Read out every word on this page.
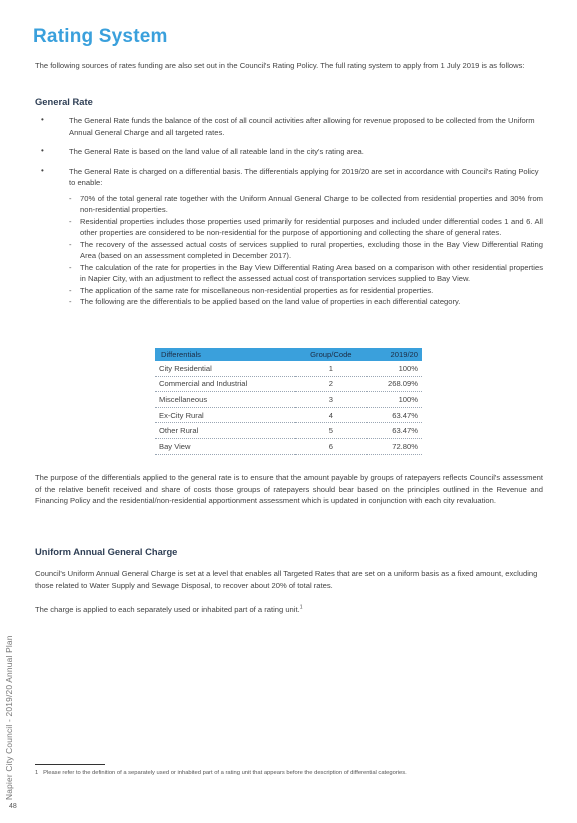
Rating System

The following sources of rates funding are also set out in the Council's Rating Policy. The full rating system to apply from 1 July 2019 is as follows:

General Rate

• The General Rate funds the balance of the cost of all council activities after allowing for revenue proposed to be collected from the Uniform Annual General Charge and all targeted rates.

• The General Rate is based on the land value of all rateable land in the city's rating area.

• The General Rate is charged on a differential basis. The differentials applying for 2019/20 are set in accordance with Council's Rating Policy to enable:

- 70% of the total general rate together with the Uniform Annual General Charge to be collected from residential properties and 30% from non-residential properties.

- Residential properties includes those properties used primarily for residential purposes and included under differential codes 1 and 6. All other properties are considered to be non-residential for the purpose of apportioning and collecting the share of general rates.

- The recovery of the assessed actual costs of services supplied to rural properties, excluding those in the Bay View Differential Rating Area (based on an assessment completed in December 2017).

- The calculation of the rate for properties in the Bay View Differential Rating Area based on a comparison with other residential properties in Napier City, with an adjustment to reflect the assessed actual cost of transportation services supplied to Bay View.

- The application of the same rate for miscellaneous non-residential properties as for residential properties.

- The following are the differentials to be applied based on the land value of properties in each differential category.

Differentials	Group/Code	2019/20
City Residential	1	100%
Commercial and Industrial	2	268.09%
Miscellaneous	3	100%
Ex-City Rural	4	63.47%
Other Rural	5	63.47%
Bay View	6	72.80%

The purpose of the differentials applied to the general rate is to ensure that the amount payable by groups of ratepayers reflects Council's assessment of the relative benefit received and share of costs those groups of ratepayers should bear based on the principles outlined in the Revenue and Financing Policy and the residential/non-residential apportionment assessment which is updated in conjunction with each city revaluation.

Uniform Annual General Charge

Council's Uniform Annual General Charge is set at a level that enables all Targeted Rates that are set on a uniform basis as a fixed amount, excluding those related to Water Supply and Sewage Disposal, to recover about 20% of total rates.

The charge is applied to each separately used or inhabited part of a rating unit.$^1$

1 Please refer to the definition of a separately used or inhabited part of a rating unit that appears before the description of differential categories.
Napier City Council - 2019/20 Annual Plan
48
